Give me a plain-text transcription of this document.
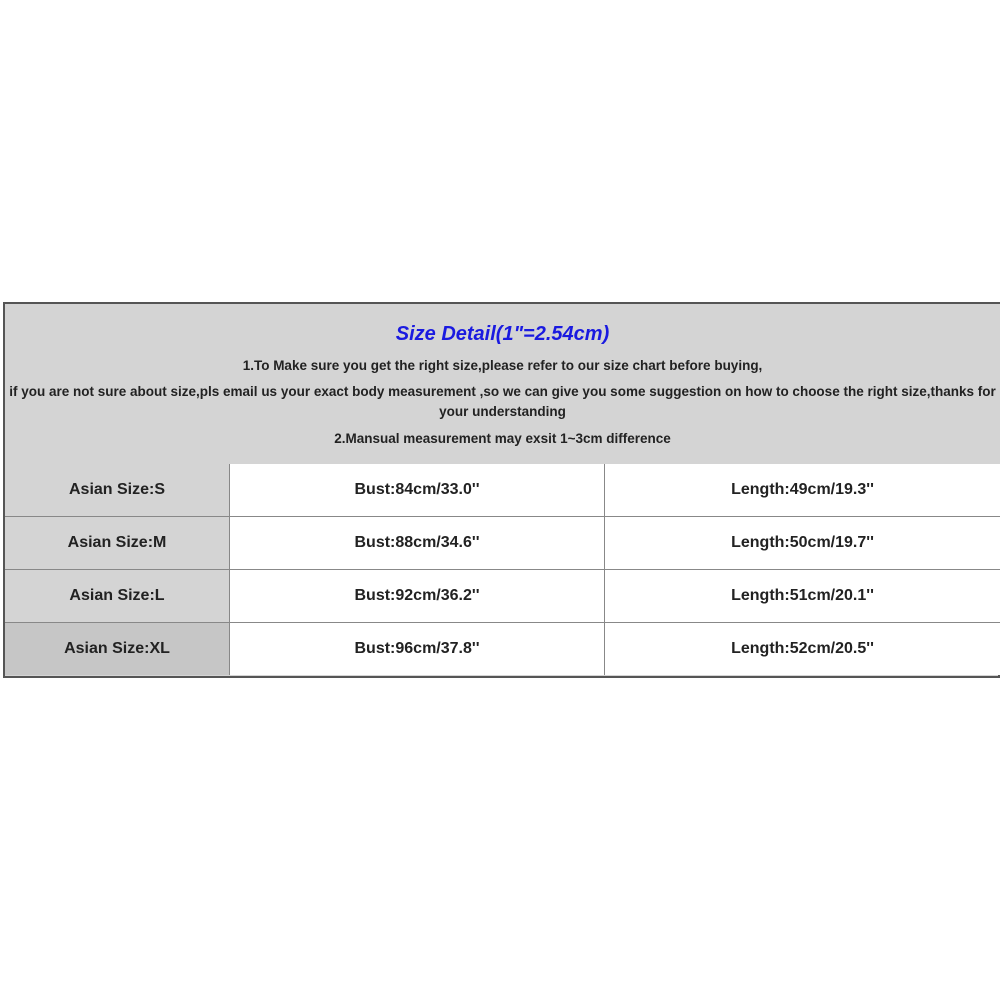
Size Detail(1"=2.54cm)
1.To Make sure you get the right size,please refer to our size chart before buying,
if you are not sure about size,pls email us your exact body measurement ,so we can give you some suggestion on how to choose the right size,thanks for your understanding
2.Mansual measurement may exsit 1~3cm difference
Asian Size:S	Bust:84cm/33.0''	Length:49cm/19.3''
Asian Size:M	Bust:88cm/34.6''	Length:50cm/19.7''
Asian Size:L	Bust:92cm/36.2''	Length:51cm/20.1''
Asian Size:XL	Bust:96cm/37.8''	Length:52cm/20.5''
